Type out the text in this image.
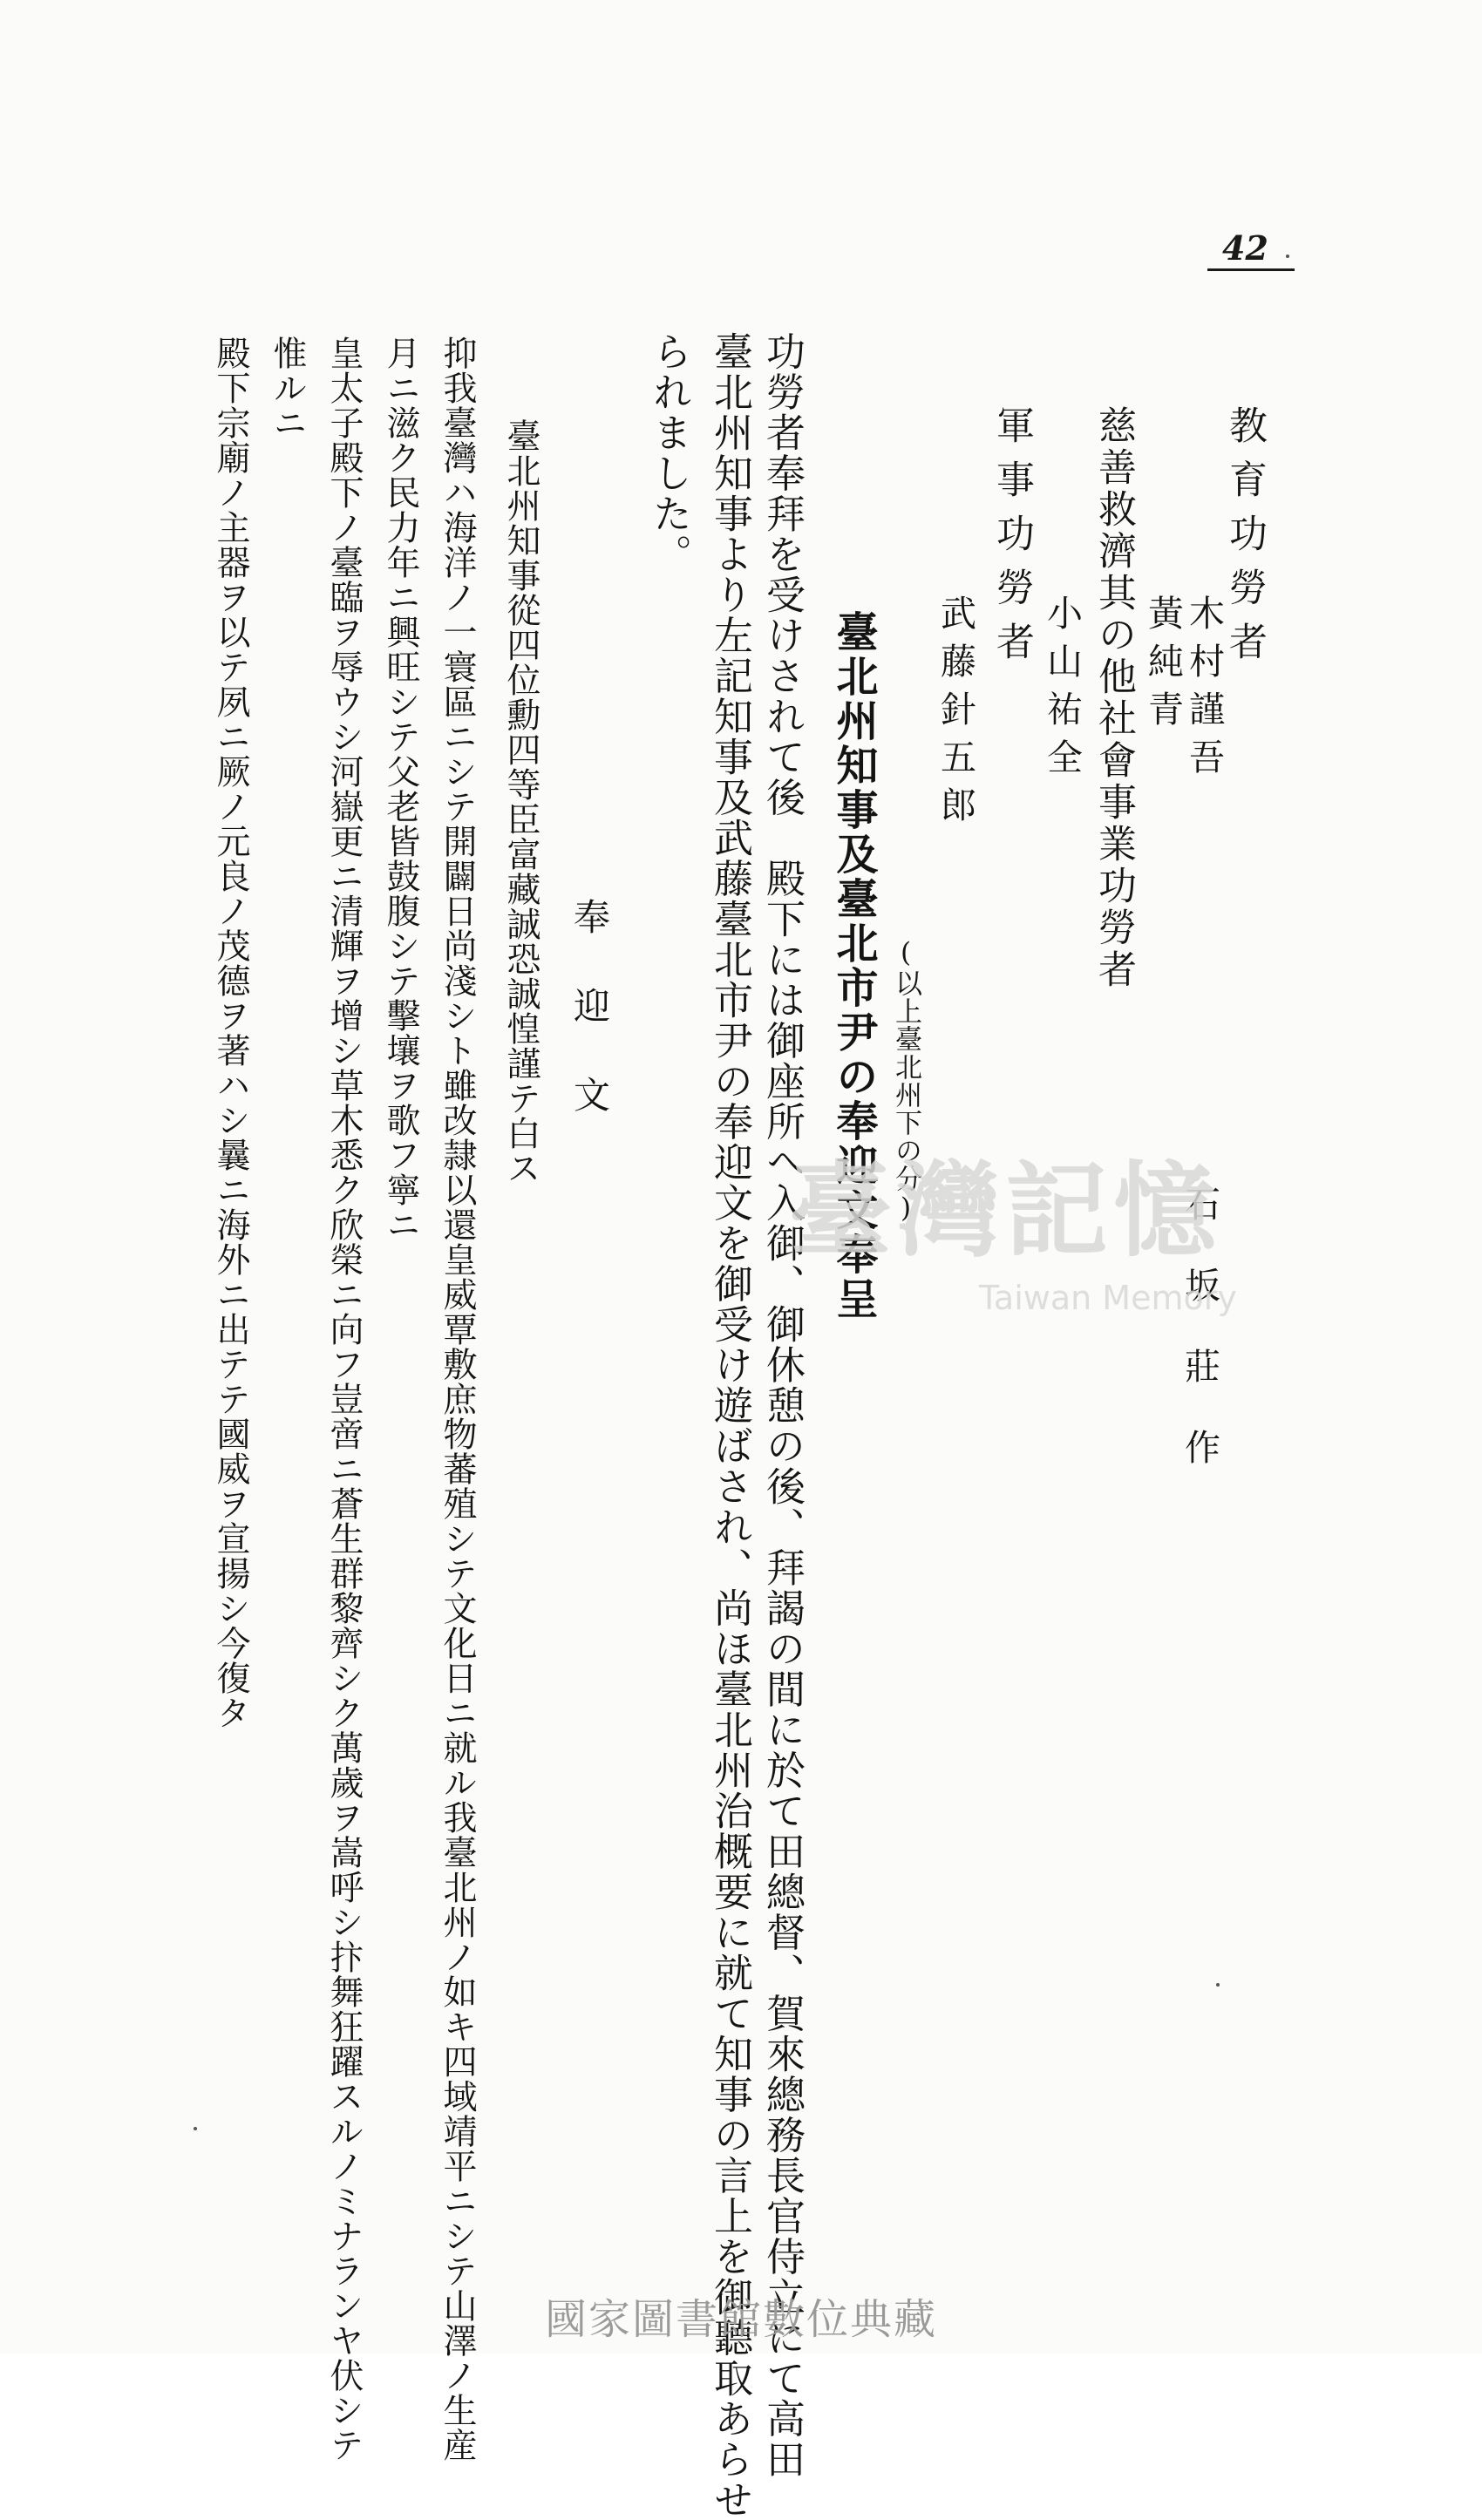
42
教育功勞者
木村謹吾
黃純青
慈善救濟其の他社會事業功勞者
小山祐全
軍事功勞者
武藤針五郎
石坂莊作
(以上臺北州下の分)
臺北州知事及臺北市尹の奉迎文奉呈
功勞者奉拜を受けされて後　殿下には御座所へ入御、御休憩の後、拜謁の間に於て田總督、賀來總務長官侍立にて高田
臺北州知事より左記知事及武藤臺北市尹の奉迎文を御受け遊ばされ、尚ほ臺北州治概要に就て知事の言上を御聽取あらせ
られました。
奉迎文
臺北州知事從四位勳四等臣富藏誠恐誠惶謹テ白ス
抑我臺灣ハ海洋ノ一寰區ニシテ開闢日尚淺シト雖改隷以還皇威覃敷庶物蕃殖シテ文化日ニ就ル我臺北州ノ如キ四域靖平ニシテ山澤ノ生産
月ニ滋ク民力年ニ興旺シテ父老皆鼓腹シテ擊壤ヲ歌フ寧ニ
皇太子殿下ノ臺臨ヲ辱ウシ河嶽更ニ清輝ヲ增シ草木悉ク欣榮ニ向フ豈啻ニ蒼生群黎齊シク萬歲ヲ嵩呼シ抃舞狂躍スルノミナランヤ伏シテ
惟ルニ
殿下宗廟ノ主器ヲ以テ夙ニ厥ノ元良ノ茂德ヲ著ハシ曩ニ海外ニ出テテ國威ヲ宣揚シ今復タ	臺灣記憶
Taiwan Memory
國家圖書館數位典藏
